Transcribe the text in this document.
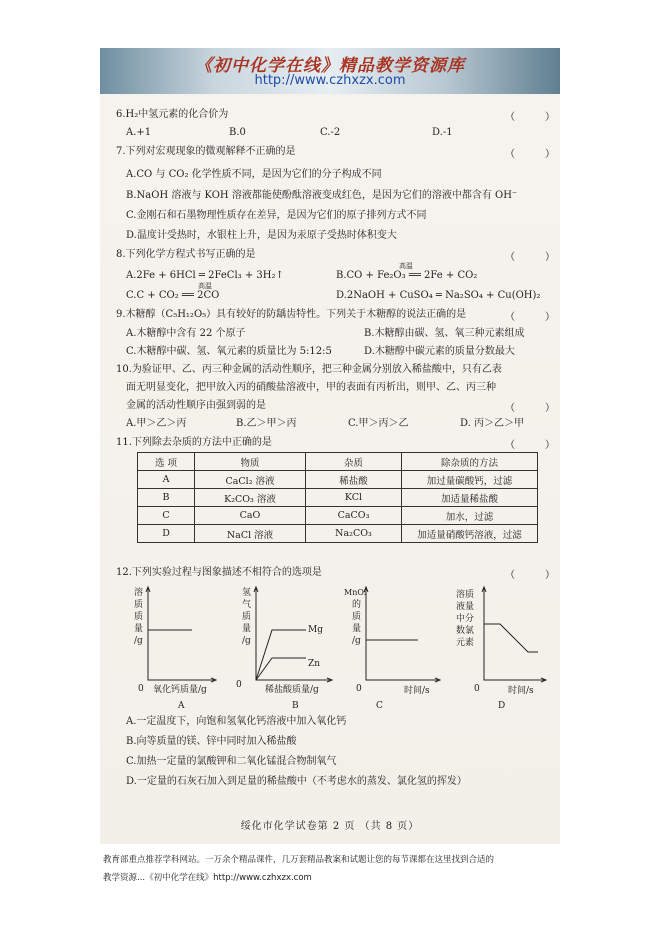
《初中化学在线》精品教学资源库
http://www.czhxzx.com
6.H₂中氢元素的化合价为	（　　　）
A.+1	B.0	C.-2	D.-1
7.下列对宏观现象的微观解释不正确的是	（　　　）
A.CO 与 CO₂ 化学性质不同，是因为它们的分子构成不同
B.NaOH 溶液与 KOH 溶液都能使酚酞溶液变成红色，是因为它们的溶液中都含有 OH⁻
C.金刚石和石墨物理性质存在差异，是因为它们的原子排列方式不同
D.温度计受热时，水银柱上升，是因为汞原子受热时体积变大
8.下列化学方程式书写正确的是	（　　　）
A.2Fe + 6HCl ═ 2FeCl₃ + 3H₂↑
高温
B.CO + Fe₂O₃ ══ 2Fe + CO₂
高温
C.C + CO₂ ══ 2CO	D.2NaOH + CuSO₄ ═ Na₂SO₄ + Cu(OH)₂
9.木糖醇（C₅H₁₂O₅）具有较好的防龋齿特性。下列关于木糖醇的说法正确的是	（　　　）
A.木糖醇中含有 22 个原子	B.木糖醇由碳、氢、氧三种元素组成
C.木糖醇中碳、氢、氧元素的质量比为 5:12:5	D.木糖醇中碳元素的质量分数最大
10.为验证甲、乙、丙三种金属的活动性顺序，把三种金属分别放入稀盐酸中，只有乙表
面无明显变化，把甲放入丙的硝酸盐溶液中，甲的表面有丙析出，则甲、乙、丙三种
金属的活动性顺序由强到弱的是	（　　　）
A.甲＞乙＞丙	B.乙＞甲＞丙	C.甲＞丙＞乙	D. 丙＞乙＞甲
11.下列除去杂质的方法中正确的是	（　　　）
选 项	物质	杂质	除杂质的方法
A	CaCl₂ 溶液	稀盐酸	加过量碳酸钙，过滤
B	K₂CO₃ 溶液	KCl	加适量稀盐酸
C	CaO	CaCO₃	加水，过滤
D	NaCl 溶液	Na₂CO₃	加适量硝酸钙溶液，过滤
12.下列实验过程与图象描述不相符合的选项是	（　　　）
溶
质
质
量
/g
0 氧化钙质量/g
A
Mg
Zn
氢
气
质
量
/g
0	稀盐酸质量/g
B
MnO₂
的
质
量
/g
0	时间/s
C
溶质
液量
中分
数氯
元素
0	时间/s
D
A.一定温度下，向饱和氢氧化钙溶液中加入氧化钙
B.向等质量的镁、锌中同时加入稀盐酸
C.加热一定量的氯酸钾和二氧化锰混合物制氧气
D.一定量的石灰石加入到足量的稀盐酸中（不考虑水的蒸发、氯化氢的挥发）
绥化市化学试卷第 2 页 （共 8 页）
教育部重点推荐学科网站。一万余个精品课件，几万套精品教案和试题让您的每节课都在这里找到合适的
教学资源...《初中化学在线》http://www.czhxzx.com
